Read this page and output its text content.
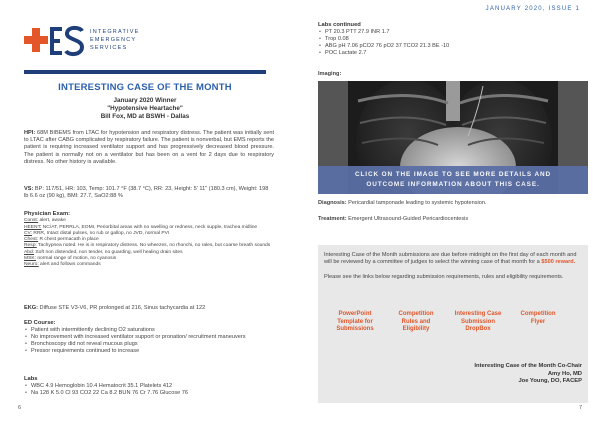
INTEGRATIVE
EMERGENCY
SERVICES
INTERESTING CASE OF THE MONTH
January 2020 Winner
"Hypotensive Heartache"
Bill Fox, MD at BSWH - Dallas
HPI: 68M BIBEMS from LTAC for hypotension and respiratory distress. The patient was initially sent to LTAC after CABG complicated by respiratory failure. The patient is nonverbal, but EMS reports the patient is requiring increased ventilator support and has progressively decreased blood pressure. The patient is normally not on a ventilator but has been on a vent for 2 days due to respiratory distress. No other history is available.
VS: BP: 117/51, HR: 103, Temp: 101.7 °F (38.7 °C), RR: 23, Height: 5' 11" (180.3 cm), Weight: 198 lb 6.6 oz (90 kg), BMI: 27.7, SaO2:88 %
Physician Exam:
Const: alert, awake
HEENT: NC/AT, PERRLA, EOMI, Periorbital areas with no swelling or redness, neck supple, trachea midline
CV: RRR, Intact distal pulses, no rub or gallop, no JVD, normal PVI
Chest: R chest permacath in place
Resp: Tachypnea noted. He is in respiratory distress. No wheezes, no rhonchi, no rales, but coarse breath sounds
Abd: Soft non distended, non tender, no guarding, well healing drain sites
MSK: normal range of motion, no cyanosis
Neuro: alert and follows commands
EKG: Diffuse STE V3-V6, PR prolonged at 216, Sinus tachycardia at 122
ED Course:
• Patient with intermittently declining O2 saturations
• No improvement with increased ventilator support or pronation/ recruitment maneuvers
• Bronchoscopy did not reveal mucous plugs
• Pressor requirements continued to increase
Labs
• WBC 4.9 Hemoglobin 10.4 Hematocrit 35.1 Platelets 412
• Na 128 K 5.0 Cl 93 CO2 22 Ca 8.2 BUN 76 Cr 7.76 Glucose 76
6
JANUARY 2020, ISSUE 1
Labs continued
• PT 20.3 PTT 27.9 INR 1.7
• Trop 0.08
• ABG pH 7.06 pCO2 76 pO2 37 TCO2 21.3 BE -10
• POC Lactate 2.7
Imaging:
CLICK ON THE IMAGE TO SEE MORE DETAILS AND
OUTCOME INFORMATION ABOUT THIS CASE.
Diagnosis: Pericardial tamponade leading to systemic hypotension.
Treatment: Emergent Ultrasound-Guided Pericardiocentesis
Interesting Case of the Month submissions are due before midnight on the first day of each month and will be reviewed by a committee of judges to select the winning case of that month for a $500 reward.
Please see the links below regarding submission requirements, rules and eligibility requirements.
PowerPoint Template for Submissions
Competition Rules and Eligibility
Interesting Case Submission DropBox
Competition Flyer
Interesting Case of the Month Co-Chair
Amy Ho, MD
Joe Young, DO, FACEP
7
